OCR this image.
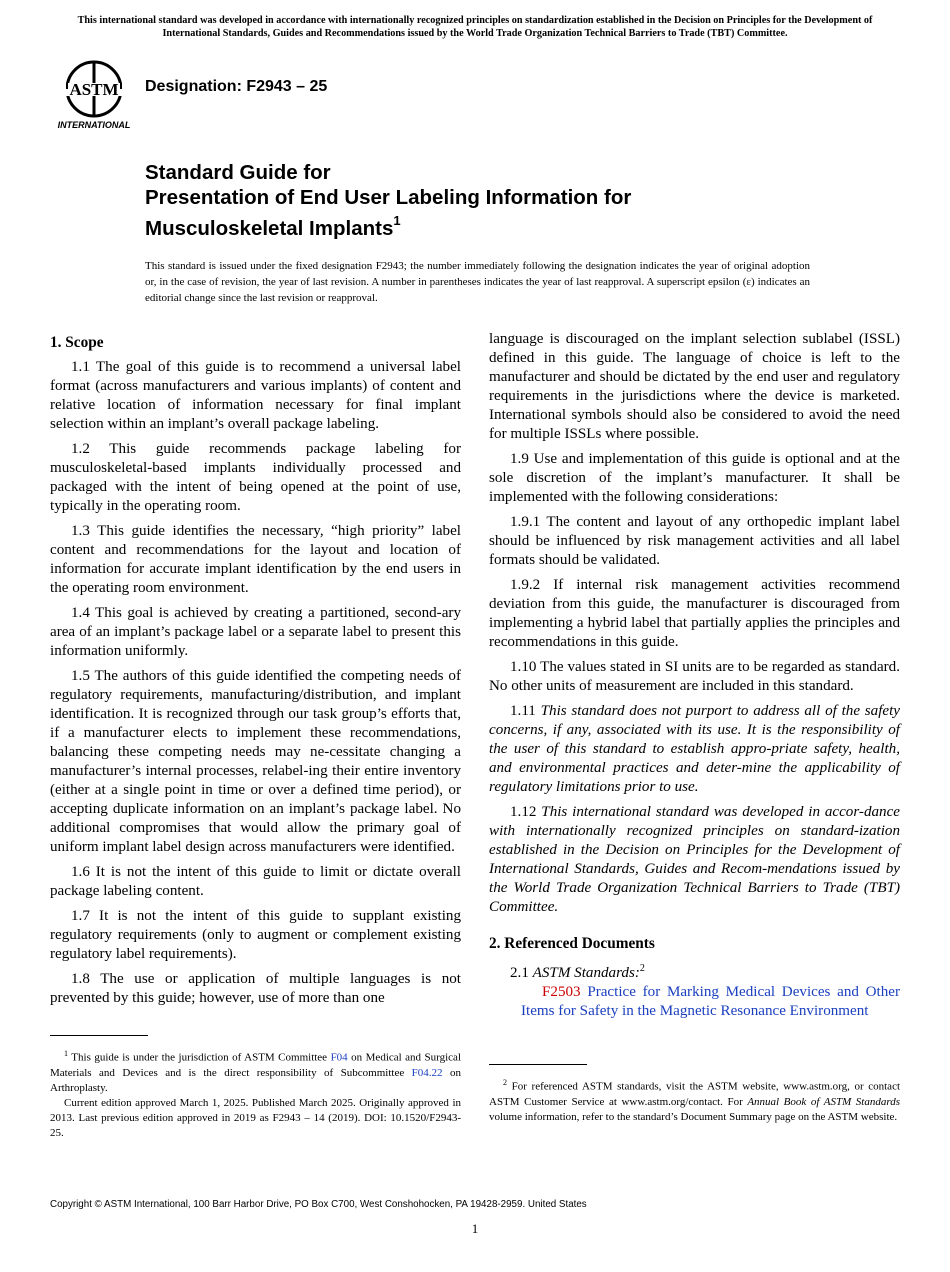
This international standard was developed in accordance with internationally recognized principles on standardization established in the Decision on Principles for the Development of International Standards, Guides and Recommendations issued by the World Trade Organization Technical Barriers to Trade (TBT) Committee.
ASTM
INTERNATIONAL
Designation: F2943 – 25
Standard Guide for
Presentation of End User Labeling Information for
Musculoskeletal Implants$^1$
This standard is issued under the fixed designation F2943; the number immediately following the designation indicates the year of original adoption or, in the case of revision, the year of last revision. A number in parentheses indicates the year of last reapproval. A superscript epsilon (ε) indicates an editorial change since the last revision or reapproval.
1. Scope

1.1 The goal of this guide is to recommend a universal label format (across manufacturers and various implants) of content and relative location of information necessary for final implant selection within an implant’s overall package labeling.

1.2 This guide recommends package labeling for musculoskeletal-based implants individually processed and packaged with the intent of being opened at the point of use, typically in the operating room.

1.3 This guide identifies the necessary, “high priority” label content and recommendations for the layout and location of information for accurate implant identification by the end users in the operating room environment.

1.4 This goal is achieved by creating a partitioned, second-ary area of an implant’s package label or a separate label to present this information uniformly.

1.5 The authors of this guide identified the competing needs of regulatory requirements, manufacturing/distribution, and implant identification. It is recognized through our task group’s efforts that, if a manufacturer elects to implement these recommendations, balancing these competing needs may ne-cessitate changing a manufacturer’s internal processes, relabel-ing their entire inventory (either at a single point in time or over a defined time period), or accepting duplicate information on an implant’s package label. No additional compromises that would allow the primary goal of uniform implant label design across manufacturers were identified.

1.6 It is not the intent of this guide to limit or dictate overall package labeling content.

1.7 It is not the intent of this guide to supplant existing regulatory requirements (only to augment or complement existing regulatory label requirements).

1.8 The use or application of multiple languages is not prevented by this guide; however, use of more than one

language is discouraged on the implant selection sublabel (ISSL) defined in this guide. The language of choice is left to the manufacturer and should be dictated by the end user and regulatory requirements in the jurisdictions where the device is marketed. International symbols should also be considered to avoid the need for multiple ISSLs where possible.

1.9 Use and implementation of this guide is optional and at the sole discretion of the implant’s manufacturer. It shall be implemented with the following considerations:

1.9.1 The content and layout of any orthopedic implant label should be influenced by risk management activities and all label formats should be validated.

1.9.2 If internal risk management activities recommend deviation from this guide, the manufacturer is discouraged from implementing a hybrid label that partially applies the principles and recommendations in this guide.

1.10 The values stated in SI units are to be regarded as standard. No other units of measurement are included in this standard.

1.11 This standard does not purport to address all of the safety concerns, if any, associated with its use. It is the responsibility of the user of this standard to establish appro-priate safety, health, and environmental practices and deter-mine the applicability of regulatory limitations prior to use.

1.12 This international standard was developed in accor-dance with internationally recognized principles on standard-ization established in the Decision on Principles for the Development of International Standards, Guides and Recom-mendations issued by the World Trade Organization Technical Barriers to Trade (TBT) Committee.

2. Referenced Documents

2.1 ASTM Standards:$^2$

F2503 Practice for Marking Medical Devices and Other Items for Safety in the Magnetic Resonance Environment

$^1$ This guide is under the jurisdiction of ASTM Committee F04 on Medical and Surgical Materials and Devices and is the direct responsibility of Subcommittee F04.22 on Arthroplasty.

Current edition approved March 1, 2025. Published March 2025. Originally approved in 2013. Last previous edition approved in 2019 as F2943 – 14 (2019). DOI: 10.1520/F2943-25.

$^2$ For referenced ASTM standards, visit the ASTM website, www.astm.org, or contact ASTM Customer Service at www.astm.org/contact. For Annual Book of ASTM Standards volume information, refer to the standard’s Document Summary page on the ASTM website.

Copyright © ASTM International, 100 Barr Harbor Drive, PO Box C700, West Conshohocken, PA 19428-2959. United States
1
